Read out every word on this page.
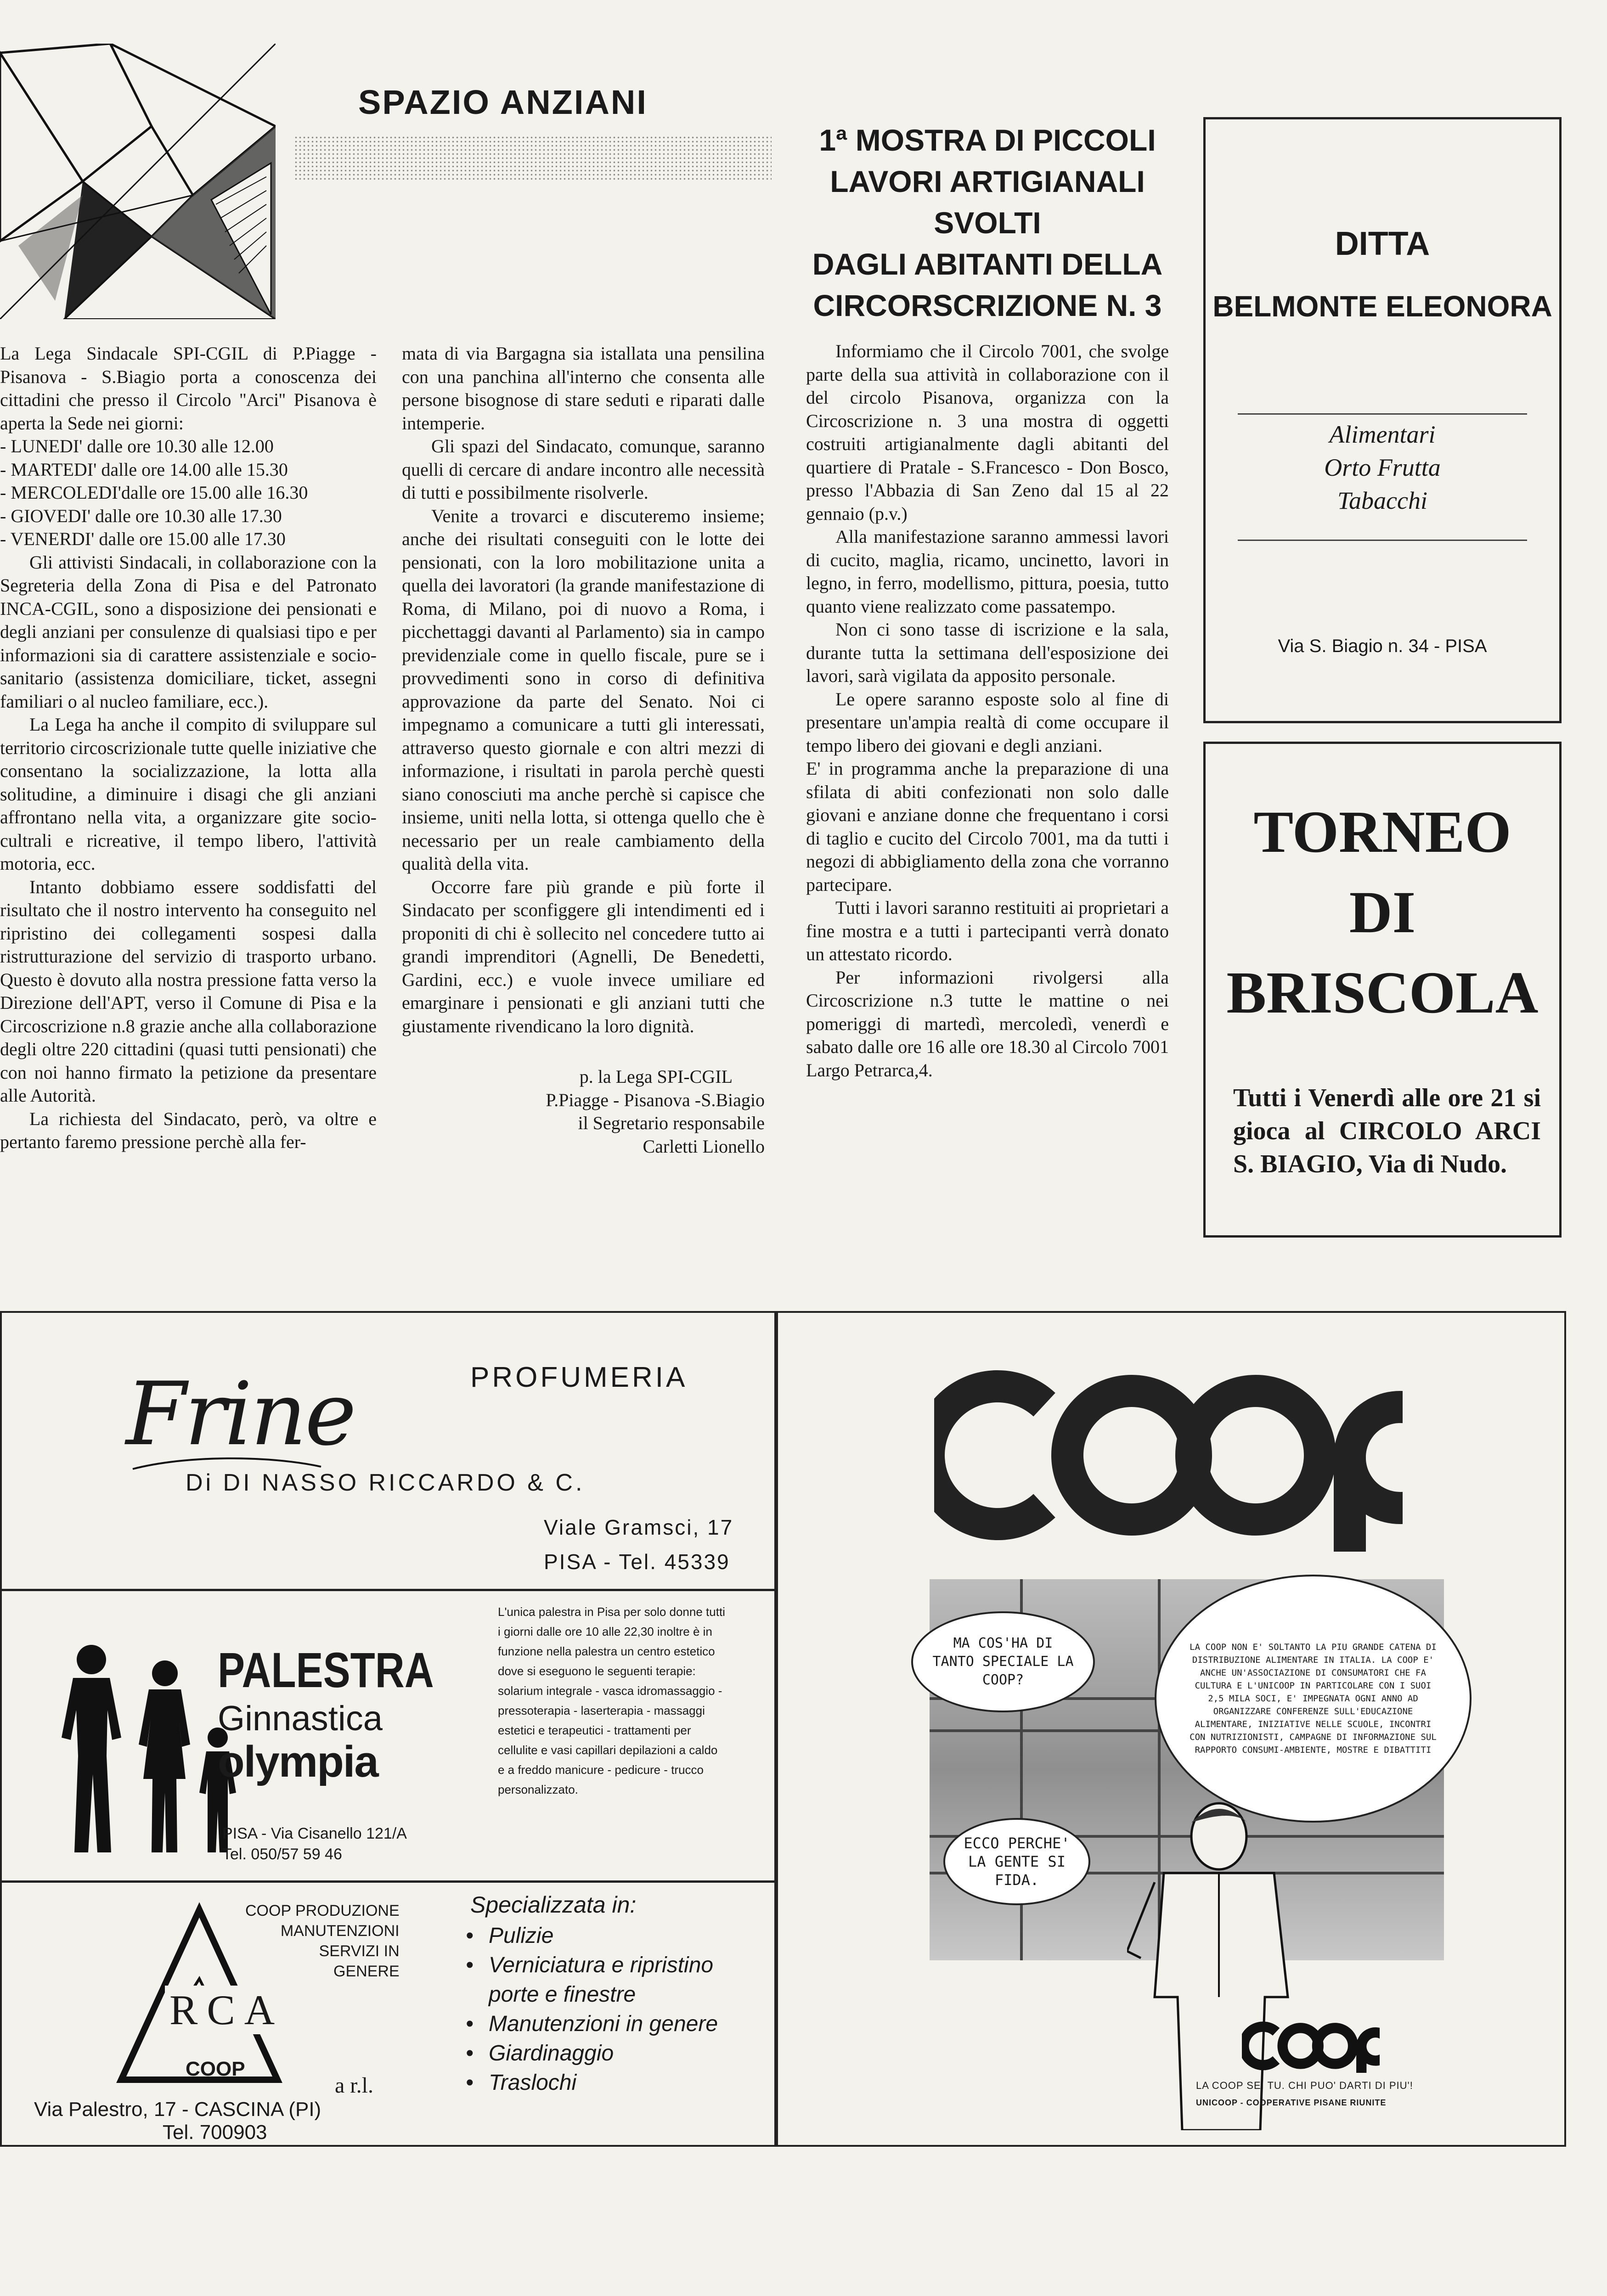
SPAZIO ANZIANI

La Lega Sindacale SPI-CGIL di P.Piagge - Pisanova - S.Biagio porta a conoscenza dei cittadini che presso il Circolo ''Arci'' Pisanova è aperta la Sede nei giorni:

- LUNEDI' dalle ore 10.30 alle 12.00

- MARTEDI' dalle ore 14.00 alle 15.30

- MERCOLEDI'dalle ore 15.00 alle 16.30

- GIOVEDI' dalle ore 10.30 alle 17.30

- VENERDI' dalle ore 15.00 alle 17.30

Gli attivisti Sindacali, in collaborazione con la Segreteria della Zona di Pisa e del Patronato INCA-CGIL, sono a disposizione dei pensionati e degli anziani per consulenze di qualsiasi tipo e per informazioni sia di carattere assistenziale e socio-sanitario (assistenza domiciliare, ticket, assegni familiari o al nucleo familiare, ecc.).

La Lega ha anche il compito di sviluppare sul territorio circoscrizionale tutte quelle iniziative che consentano la socializzazione, la lotta alla solitudine, a diminuire i disagi che gli anziani affrontano nella vita, a organizzare gite socio-cultrali e ricreative, il tempo libero, l'attività motoria, ecc.

Intanto dobbiamo essere soddisfatti del risultato che il nostro intervento ha conseguito nel ripristino dei collegamenti sospesi dalla ristrutturazione del servizio di trasporto urbano. Questo è dovuto alla nostra pressione fatta verso la Direzione dell'APT, verso il Comune di Pisa e la Circoscrizione n.8 grazie anche alla collaborazione degli oltre 220 cittadini (quasi tutti pensionati) che con noi hanno firmato la petizione da presentare alle Autorità.

La richiesta del Sindacato, però, va oltre e pertanto faremo pressione perchè alla fer-

mata di via Bargagna sia istallata una pensilina con una panchina all'interno che consenta alle persone bisognose di stare seduti e riparati dalle intemperie.

Gli spazi del Sindacato, comunque, saranno quelli di cercare di andare incontro alle necessità di tutti e possibilmente risolverle.

Venite a trovarci e discuteremo insieme; anche dei risultati conseguiti con le lotte dei pensionati, con la loro mobilitazione unita a quella dei lavoratori (la grande manifestazione di Roma, di Milano, poi di nuovo a Roma, i picchettaggi davanti al Parlamento) sia in campo previdenziale come in quello fiscale, pure se i provvedimenti sono in corso di definitiva approvazione da parte del Senato. Noi ci impegnamo a comunicare a tutti gli interessati, attraverso questo giornale e con altri mezzi di informazione, i risultati in parola perchè questi siano conosciuti ma anche perchè si capisce che insieme, uniti nella lotta, si ottenga quello che è necessario per un reale cambiamento della qualità della vita.

Occorre fare più grande e più forte il Sindacato per sconfiggere gli intendimenti ed i proponiti di chi è sollecito nel concedere tutto ai grandi imprenditori (Agnelli, De Benedetti, Gardini, ecc.) e vuole invece umiliare ed emarginare i pensionati e gli anziani tutti che giustamente rivendicano la loro dignità.

p. la Lega SPI-CGIL
P.Piagge - Pisanova -S.Biagio
il Segretario responsabile
Carletti Lionello
1ª MOSTRA DI PICCOLI
LAVORI ARTIGIANALI SVOLTI
DAGLI ABITANTI DELLA
CIRCORSCRIZIONE N. 3

Informiamo che il Circolo 7001, che svolge parte della sua attività in collaborazione con il del circolo Pisanova, organizza con la Circoscrizione n. 3 una mostra di oggetti costruiti artigianalmente dagli abitanti del quartiere di Pratale - S.Francesco - Don Bosco, presso l'Abbazia di San Zeno dal 15 al 22 gennaio (p.v.)

Alla manifestazione saranno ammessi lavori di cucito, maglia, ricamo, uncinetto, lavori in legno, in ferro, modellismo, pittura, poesia, tutto quanto viene realizzato come passatempo.

Non ci sono tasse di iscrizione e la sala, durante tutta la settimana dell'esposizione dei lavori, sarà vigilata da apposito personale.

Le opere saranno esposte solo al fine di presentare un'ampia realtà di come occupare il tempo libero dei giovani e degli anziani.

E' in programma anche la preparazione di una sfilata di abiti confezionati non solo dalle giovani e anziane donne che frequentano i corsi di taglio e cucito del Circolo 7001, ma da tutti i negozi di abbigliamento della zona che vorranno partecipare.

Tutti i lavori saranno restituiti ai proprietari a fine mostra e a tutti i partecipanti verrà donato un attestato ricordo.

Per informazioni rivolgersi alla Circoscrizione n.3 tutte le mattine o nei pomeriggi di martedì, mercoledì, venerdì e sabato dalle ore 16 alle ore 18.30 al Circolo 7001 Largo Petrarca,4.

DITTA
BELMONTE ELEONORA
Alimentari
Orto Frutta
Tabacchi
Via S. Biagio n. 34 - PISA
TORNEO
DI
BRISCOLA
Tutti i Venerdì alle ore 21 si gioca al CIRCOLO ARCI S. BIAGIO, Via di Nudo.
Frine	PROFUMERIA
Di DI NASSO RICCARDO & C.
Viale Gramsci, 17
PISA - Tel. 45339
PALESTRA
Ginnastica
olympia
PISA - Via Cisanello 121/A
Tel. 050/57 59 46
L'unica palestra in Pisa per solo donne tutti i giorni dalle ore 10 alle 22,30 inoltre è in funzione nella palestra un centro estetico dove si eseguono le seguenti terapie: solarium integrale - vasca idromassaggio - pressoterapia - laserterapia - massaggi estetici e terapeutici - trattamenti per cellulite e vasi capillari depilazioni a caldo e a freddo manicure - pedicure - trucco personalizzato.
COOP PRODUZIONE
MANUTENZIONI
SERVIZI IN
GENERE
RCA
COOP
a r.l.
Via Palestro, 17 - CASCINA (PI)
Tel. 700903
Specializzata in:
• Pulizie
• Verniciatura e ripristino porte e finestre
• Manutenzioni in genere
• Giardinaggio
• Traslochi
MA COS'HA DI TANTO SPECIALE LA COOP?
LA COOP NON E' SOLTANTO LA PIU GRANDE CATENA DI DISTRIBUZIONE ALIMENTARE IN ITALIA. LA COOP E' ANCHE UN'ASSOCIAZIONE DI CONSUMATORI CHE FA CULTURA E L'UNICOOP IN PARTICOLARE CON I SUOI 2,5 MILA SOCI, E' IMPEGNATA OGNI ANNO AD ORGANIZZARE CONFERENZE SULL'EDUCAZIONE ALIMENTARE, INIZIATIVE NELLE SCUOLE, INCONTRI CON NUTRIZIONISTI, CAMPAGNE DI INFORMAZIONE SUL RAPPORTO CONSUMI-AMBIENTE, MOSTRE E DIBATTITI
ECCO PERCHE' LA GENTE SI FIDA.
LA COOP SEI TU. CHI PUO' DARTI DI PIU'!
UNICOOP - COOPERATIVE PISANE RIUNITE
